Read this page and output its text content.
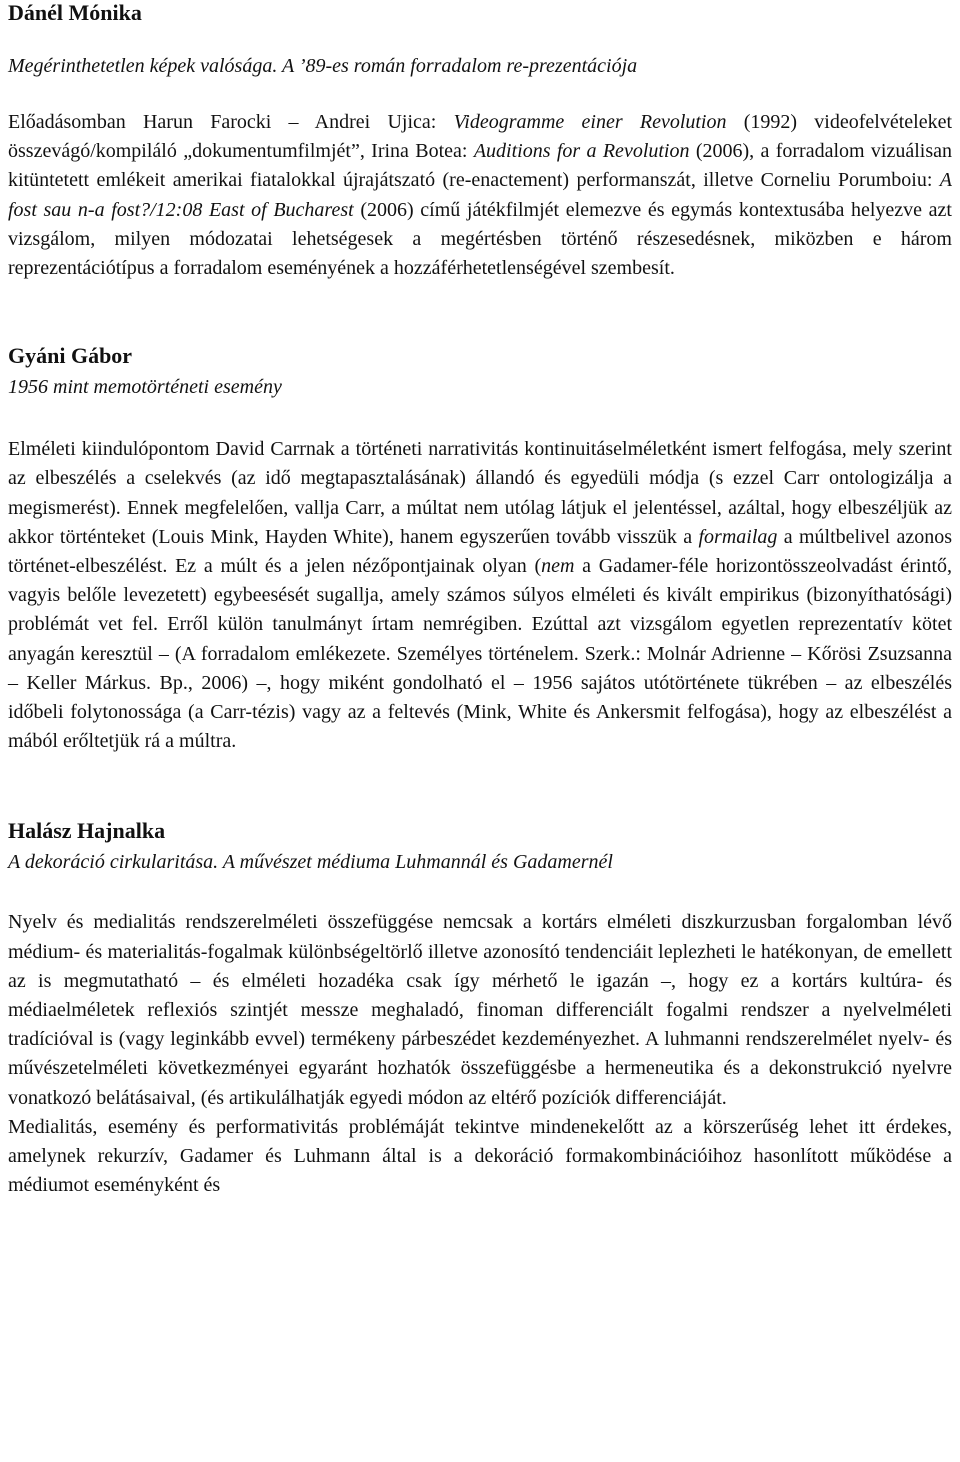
Dánél Mónika

Megérinthetetlen képek valósága. A ’89-es román forradalom re-prezentációja

Előadásomban Harun Farocki – Andrei Ujica: Videogramme einer Revolution (1992) videofelvételeket összevágó/kompiláló „dokumentumfilmjét”, Irina Botea: Auditions for a Revolution (2006), a forradalom vizuálisan kitüntetett emlékeit amerikai fiatalokkal újrajátszató (re-enactement) performanszát, illetve Corneliu Porumboiu: A fost sau n-a fost?/12:08 East of Bucharest (2006) című játékfilmjét elemezve és egymás kontextusába helyezve azt vizsgálom, milyen módozatai lehetségesek a megértésben történő részesedésnek, miközben e három reprezentációtípus a forradalom eseményének a hozzáférhetetlenségével szembesít.

Gyáni Gábor

1956 mint memotörténeti esemény

Elméleti kiindulópontom David Carrnak a történeti narrativitás kontinuitáselméletként ismert felfogása, mely szerint az elbeszélés a cselekvés (az idő megtapasztalásának) állandó és egyedüli módja (s ezzel Carr ontologizálja a megismerést). Ennek megfelelően, vallja Carr, a múltat nem utólag látjuk el jelentéssel, azáltal, hogy elbeszéljük az akkor történteket (Louis Mink, Hayden White), hanem egyszerűen tovább visszük a formailag a múltbelivel azonos történet-elbeszélést. Ez a múlt és a jelen nézőpontjainak olyan (nem a Gadamer-féle horizontösszeolvadást érintő, vagyis belőle levezetett) egybeesését sugallja, amely számos súlyos elméleti és kivált empirikus (bizonyíthatósági) problémát vet fel. Erről külön tanulmányt írtam nemrégiben. Ezúttal azt vizsgálom egyetlen reprezentatív kötet anyagán keresztül – (A forradalom emlékezete. Személyes történelem. Szerk.: Molnár Adrienne – Kőrösi Zsuzsanna – Keller Márkus. Bp., 2006) –, hogy miként gondolható el – 1956 sajátos utótörténete tükrében – az elbeszélés időbeli folytonossága (a Carr-tézis) vagy az a feltevés (Mink, White és Ankersmit felfogása), hogy az elbeszélést a mából erőltetjük rá a múltra.

Halász Hajnalka

A dekoráció cirkularitása. A művészet médiuma Luhmannál és Gadamernél

Nyelv és medialitás rendszerelméleti összefüggése nemcsak a kortárs elméleti diszkurzusban forgalomban lévő médium- és materialitás-fogalmak különbségeltörlő illetve azonosító tendenciáit leplezheti le hatékonyan, de emellett az is megmutatható – és elméleti hozadéka csak így mérhető le igazán –, hogy ez a kortárs kultúra- és médiaelméletek reflexiós szintjét messze meghaladó, finoman differenciált fogalmi rendszer a nyelvelméleti tradícióval is (vagy leginkább evvel) termékeny párbeszédet kezdeményezhet. A luhmanni rendszerelmélet nyelv- és művészetelméleti következményei egyaránt hozhatók összefüggésbe a hermeneutika és a dekonstrukció nyelvre vonatkozó belátásaival, (és artikulálhatják egyedi módon az eltérő pozíciók differenciáját.

Medialitás, esemény és performativitás problémáját tekintve mindenekelőtt az a körszerűség lehet itt érdekes, amelynek rekurzív, Gadamer és Luhmann által is a dekoráció formakombinációihoz hasonlított működése a médiumot eseményként és
